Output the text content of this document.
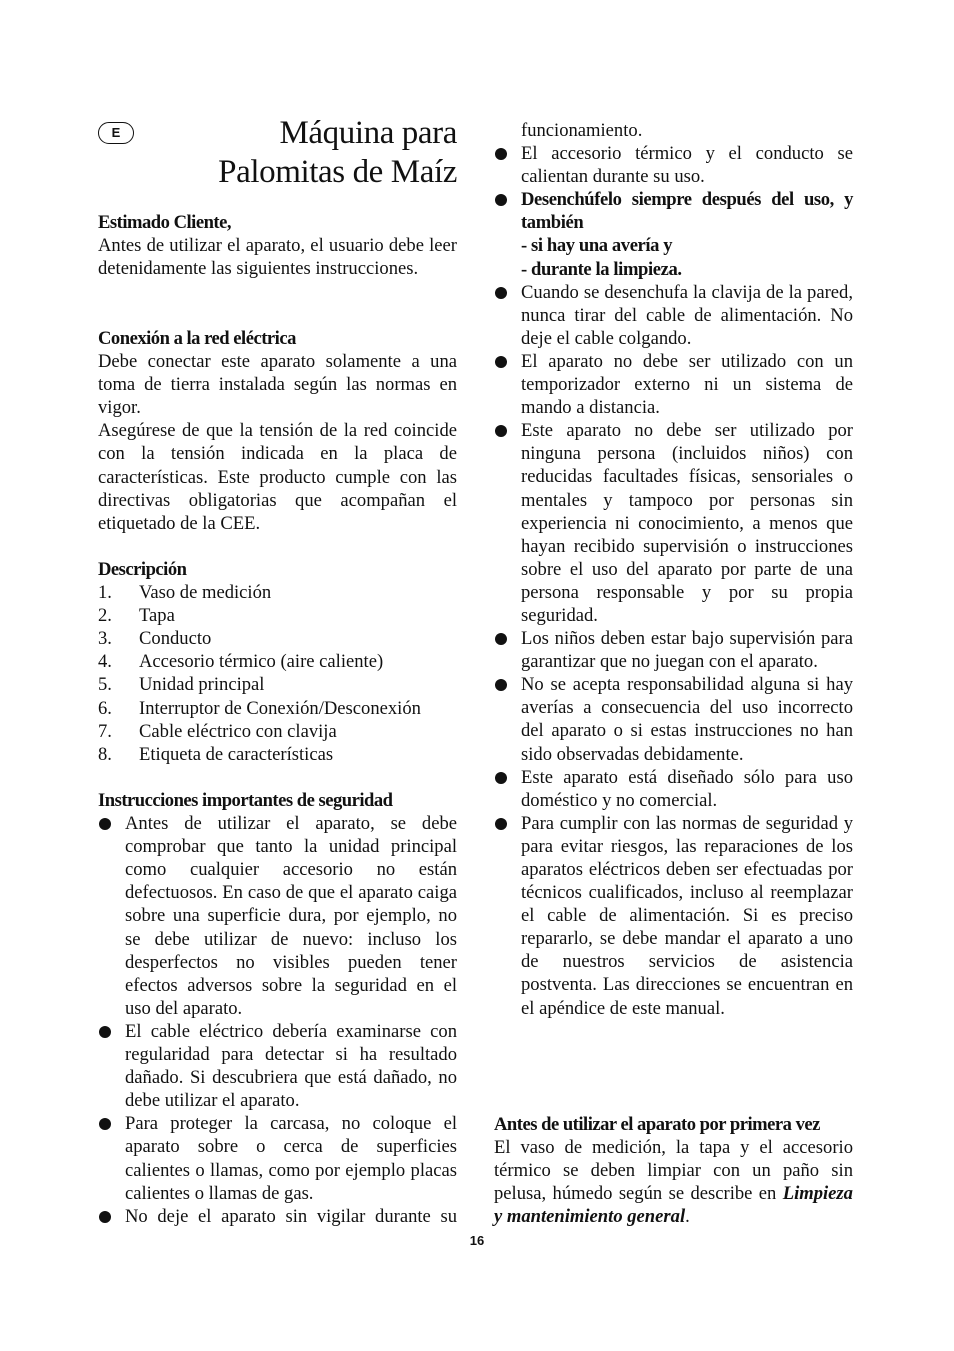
E	Máquina para
Palomitas de Maíz
Estimado Cliente,
Antes de utilizar el aparato, el usuario debe leer detenidamente las siguientes instrucciones.
Conexión a la red eléctrica
Debe conectar este aparato solamente a una toma de tierra instalada según las normas en vigor.
Asegúrese de que la tensión de la red coincide con la tensión indicada en la placa de características. Este producto cumple con las directivas obligatorias que acompañan el etiquetado de la CEE.
Descripción
1.	Vaso de medición
2.	Tapa
3.	Conducto
4.	Accesorio térmico (aire caliente)
5.	Unidad principal
6.	Interruptor de Conexión/Desconexión
7.	Cable eléctrico con clavija
8.	Etiqueta de características
Instrucciones importantes de seguridad
Antes de utilizar el aparato, se debe comprobar que tanto la unidad principal como cualquier accesorio no están defectuosos. En caso de que el aparato caiga sobre una superficie dura, por ejemplo, no se debe utilizar de nuevo: incluso los desperfectos no visibles pueden tener efectos adversos sobre la seguridad en el uso del aparato.
El cable eléctrico debería examinarse con regularidad para detectar si ha resultado dañado. Si descubriera que está dañado, no debe utilizar el aparato.
Para proteger la carcasa, no coloque el aparato sobre o cerca de superficies calientes o llamas, como por ejemplo placas calientes o llamas de gas.
No deje el aparato sin vigilar durante su
funcionamiento.
El accesorio térmico y el conducto se calientan durante su uso.
Desenchúfelo siempre después del uso, y también
- si hay una avería y
- durante la limpieza.
Cuando se desenchufa la clavija de la pared, nunca tirar del cable de alimentación. No deje el cable colgando.
El aparato no debe ser utilizado con un temporizador externo ni un sistema de mando a distancia.
Este aparato no debe ser utilizado por ninguna persona (incluidos niños) con reducidas facultades físicas, sensoriales o mentales y tampoco por personas sin experiencia ni conocimiento, a menos que hayan recibido supervisión o instrucciones sobre el uso del aparato por parte de una persona responsable y por su propia seguridad.
Los niños deben estar bajo supervisión para garantizar que no juegan con el aparato.
No se acepta responsabilidad alguna si hay averías a consecuencia del uso incorrecto del aparato o si estas instrucciones no han sido observadas debidamente.
Este aparato está diseñado sólo para uso doméstico y no comercial.
Para cumplir con las normas de seguridad y para evitar riesgos, las reparaciones de los aparatos eléctricos deben ser efectuadas por técnicos cualificados, incluso al reemplazar el cable de alimentación. Si es preciso repararlo, se debe mandar el aparato a uno de nuestros servicios de asistencia postventa. Las direcciones se encuentran en el apéndice de este manual.
Antes de utilizar el aparato por primera vez
El vaso de medición, la tapa y el accesorio térmico se deben limpiar con un paño sin pelusa, húmedo según se describe en Limpieza y mantenimiento general.
16
